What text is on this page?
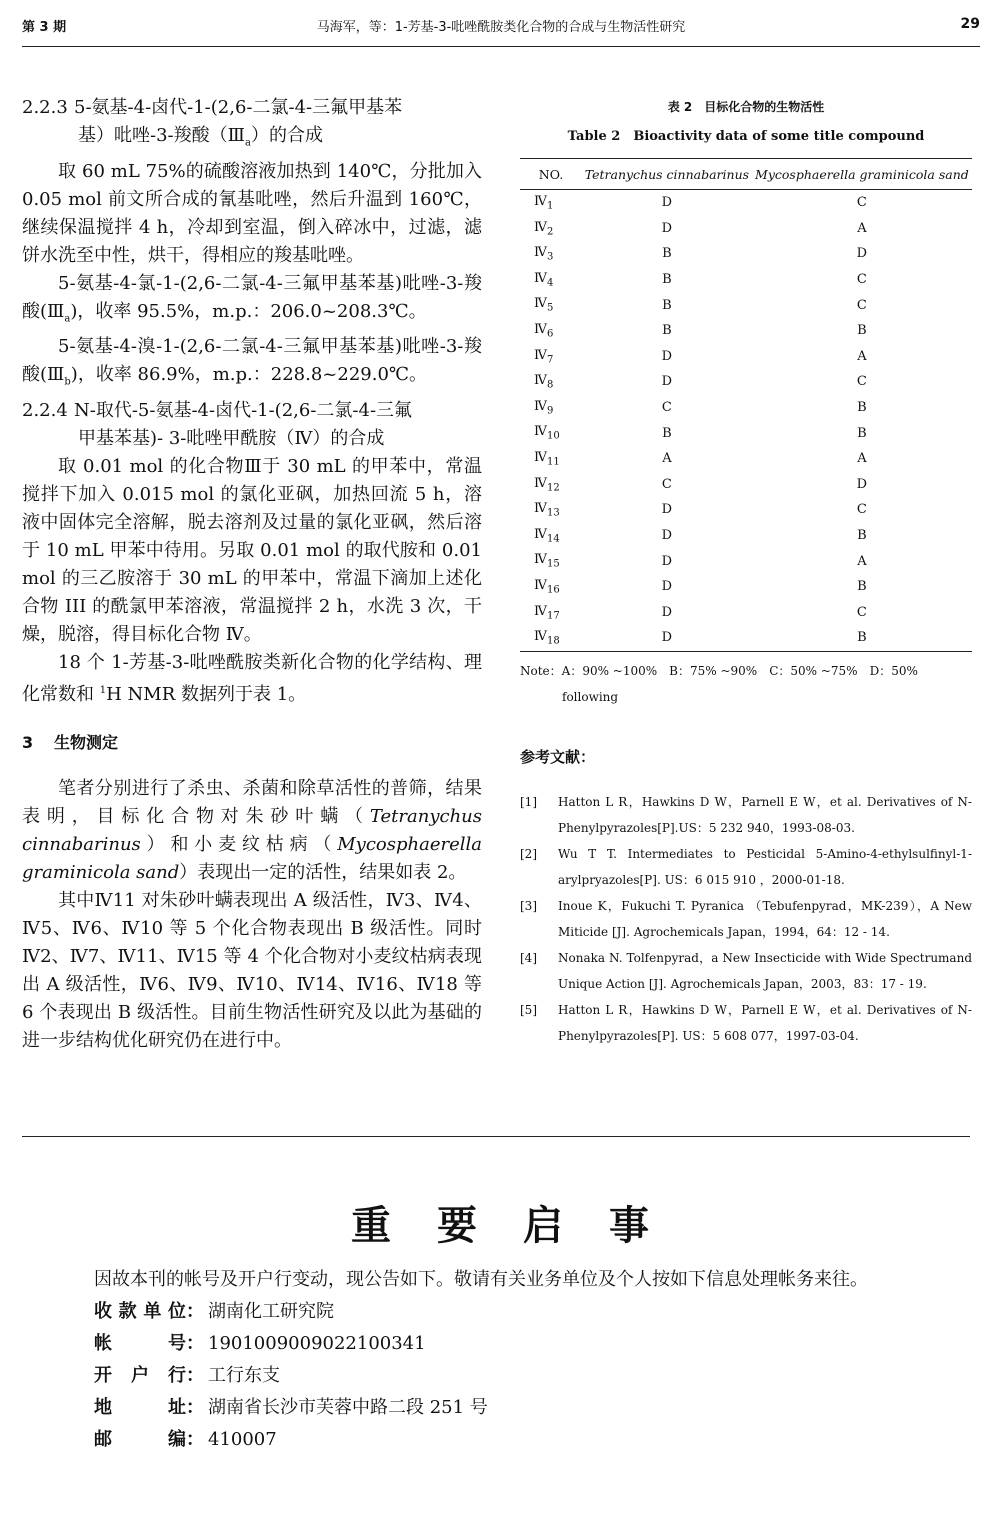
第 3 期	马海军，等：1-芳基-3-吡唑酰胺类化合物的合成与生物活性研究	29

2.2.3 5-氨基-4-卤代-1-(2,6-二氯-4-三氟甲基苯

基）吡唑-3-羧酸$(Ⅲ_a)$的合成

取 60 mL 75%的硫酸溶液加热到 140℃，分批加入 0.05 mol 前文所合成的氰基吡唑，然后升温到 160℃，继续保温搅拌 4 h，冷却到室温，倒入碎冰中，过滤，滤饼水洗至中性，烘干，得相应的羧基吡唑。

5-氨基-4-氯-1-(2,6-二氯-4-三氟甲基苯基)吡唑-3-羧酸$(Ⅲ_a)$，收率 95.5%，m.p.：206.0~208.3℃。

5-氨基-4-溴-1-(2,6-二氯-4-三氟甲基苯基)吡唑-3-羧酸$(Ⅲ_b)$，收率 86.9%，m.p.：228.8~229.0℃。

2.2.4 N-取代-5-氨基-4-卤代-1-(2,6-二氯-4-三氟

甲基苯基)- 3-吡唑甲酰胺（Ⅳ）的合成

取 0.01 mol 的化合物Ⅲ于 30 mL 的甲苯中，常温搅拌下加入 0.015 mol 的氯化亚砜，加热回流 5 h，溶液中固体完全溶解，脱去溶剂及过量的氯化亚砜，然后溶于 10 mL 甲苯中待用。另取 0.01 mol 的取代胺和 0.01 mol 的三乙胺溶于 30 mL 的甲苯中，常温下滴加上述化合物 III 的酰氯甲苯溶液，常温搅拌 2 h，水洗 3 次，干燥，脱溶，得目标化合物 Ⅳ。

18 个 1-芳基-3-吡唑酰胺类新化合物的化学结构、理化常数和 $^1$H NMR 数据列于表 1。

3 生物测定

笔者分别进行了杀虫、杀菌和除草活性的普筛，结果表明，目标化合物对朱砂叶螨（Tetranychus cinnabarinus）和小麦纹枯病（Mycosphaerella graminicola sand）表现出一定的活性，结果如表 2。

其中Ⅳ11 对朱砂叶螨表现出 A 级活性，Ⅳ3、Ⅳ4、Ⅳ5、Ⅳ6、Ⅳ10 等 5 个化合物表现出 B 级活性。同时Ⅳ2、Ⅳ7、Ⅳ11、Ⅳ15 等 4 个化合物对小麦纹枯病表现出 A 级活性，Ⅳ6、Ⅳ9、Ⅳ10、Ⅳ14、Ⅳ16、Ⅳ18 等 6 个表现出 B 级活性。目前生物活性研究及以此为基础的进一步结构优化研究仍在进行中。

表 2　目标化合物的生物活性
Table 2　Bioactivity data of some title compound
NO.	Tetranychus cinnabarinus	Mycosphaerella graminicola sand
$Ⅳ_1$	D	C
$Ⅳ_2$	D	A
$Ⅳ_3$	B	D
$Ⅳ_4$	B	C
$Ⅳ_5$	B	C
$Ⅳ_6$	B	B
$Ⅳ_7$	D	A
$Ⅳ_8$	D	C
$Ⅳ_9$	C	B
$Ⅳ_{10}$	B	B
$Ⅳ_{11}$	A	A
$Ⅳ_{12}$	C	D
$Ⅳ_{13}$	D	C
$Ⅳ_{14}$	D	B
$Ⅳ_{15}$	D	A
$Ⅳ_{16}$	D	B
$Ⅳ_{17}$	D	C
$Ⅳ_{18}$	D	B
Note：A：90% ~100%　B：75% ~90%　C：50% ~75%　D：50%
following
参考文献：
[1] Hatton L R，Hawkins D W，Parnell E W，et al. Derivatives of N-Phenylpyrazoles[P].US：5 232 940，1993-08-03.
[2] Wu T T. Intermediates to Pesticidal 5-Amino-4-ethylsulfinyl-1-arylpryazoles[P]. US：6 015 910 ，2000-01-18.
[3] Inoue K，Fukuchi T. Pyranica （Tebufenpyrad，MK-239），A New Miticide [J]. Agrochemicals Japan，1994，64：12 - 14.
[4] Nonaka N. Tolfenpyrad，a New Insecticide with Wide Spectrumand Unique Action [J]. Agrochemicals Japan，2003，83：17 - 19.
[5] Hatton L R，Hawkins D W，Parnell E W，et al. Derivatives of N-Phenylpyrazoles[P]. US：5 608 077，1997-03-04.
重要启事
因故本刊的帐号及开户行变动，现公告如下。敬请有关业务单位及个人按如下信息处理帐务来往。
收款单位： 湖南化工研究院
帐号： 1901009009022100341
开户行： 工行东支
地址： 湖南省长沙市芙蓉中路二段 251 号
邮编： 410007
